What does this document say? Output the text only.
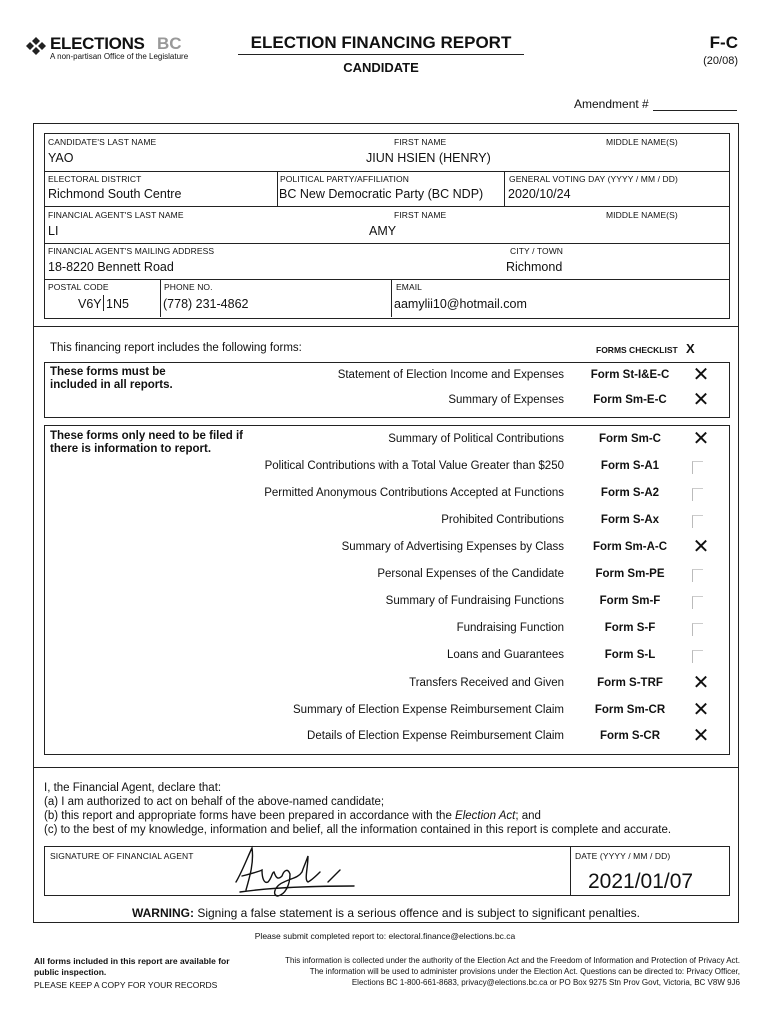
ELECTIONS BC
A non-partisan Office of the Legislature
ELECTION FINANCING REPORT
CANDIDATE
F-C
(20/08)
Amendment #
CANDIDATE'S LAST NAME
YAO
FIRST NAME
JIUN HSIEN (HENRY)
MIDDLE NAME(S)
ELECTORAL DISTRICT
Richmond South Centre
POLITICAL PARTY/AFFILIATION
BC New Democratic Party (BC NDP)
GENERAL VOTING DAY (YYYY / MM / DD)
2020/10/24
FINANCIAL AGENT'S LAST NAME
LI
FIRST NAME
AMY
MIDDLE NAME(S)
FINANCIAL AGENT'S MAILING ADDRESS
18-8220 Bennett Road
CITY / TOWN
Richmond
POSTAL CODE
V6Y 1N5
PHONE NO.
(778) 231-4862
EMAIL
aamylii10@hotmail.com
This financing report includes the following forms:	FORMS CHECKLIST X
These forms must be included in all reports.
Statement of Election Income and Expenses	Form St-I&E-C ✕
Summary of Expenses	Form Sm-E-C	✕
These forms only need to be filed if there is information to report.
Summary of Political Contributions	Form Sm-C	✕
Political Contributions with a Total Value Greater than $250	Form S-A1
Permitted Anonymous Contributions Accepted at Functions	Form S-A2
Prohibited Contributions	Form S-Ax
Summary of Advertising Expenses by Class	Form Sm-A-C	✕
Personal Expenses of the Candidate	Form Sm-PE
Summary of Fundraising Functions	Form Sm-F
Fundraising Function	Form S-F
Loans and Guarantees	Form S-L
Transfers Received and Given	Form S-TRF	✕
Summary of Election Expense Reimbursement Claim	Form Sm-CR	✕
Details of Election Expense Reimbursement Claim	Form S-CR	✕
I, the Financial Agent, declare that:
(a) I am authorized to act on behalf of the above-named candidate;
(b) this report and appropriate forms have been prepared in accordance with the Election Act; and
(c) to the best of my knowledge, information and belief, all the information contained in this report is complete and accurate.
SIGNATURE OF FINANCIAL AGENT	DATE (YYYY / MM / DD)
2021/01/07
WARNING: Signing a false statement is a serious offence and is subject to significant penalties.
Please submit completed report to: electoral.finance@elections.bc.ca
All forms included in this report are available for public inspection.
PLEASE KEEP A COPY FOR YOUR RECORDS
This information is collected under the authority of the Election Act and the Freedom of Information and Protection of Privacy Act.
The information will be used to administer provisions under the Election Act. Questions can be directed to: Privacy Officer,
Elections BC 1-800-661-8683, privacy@elections.bc.ca or PO Box 9275 Stn Prov Govt, Victoria, BC V8W 9J6
